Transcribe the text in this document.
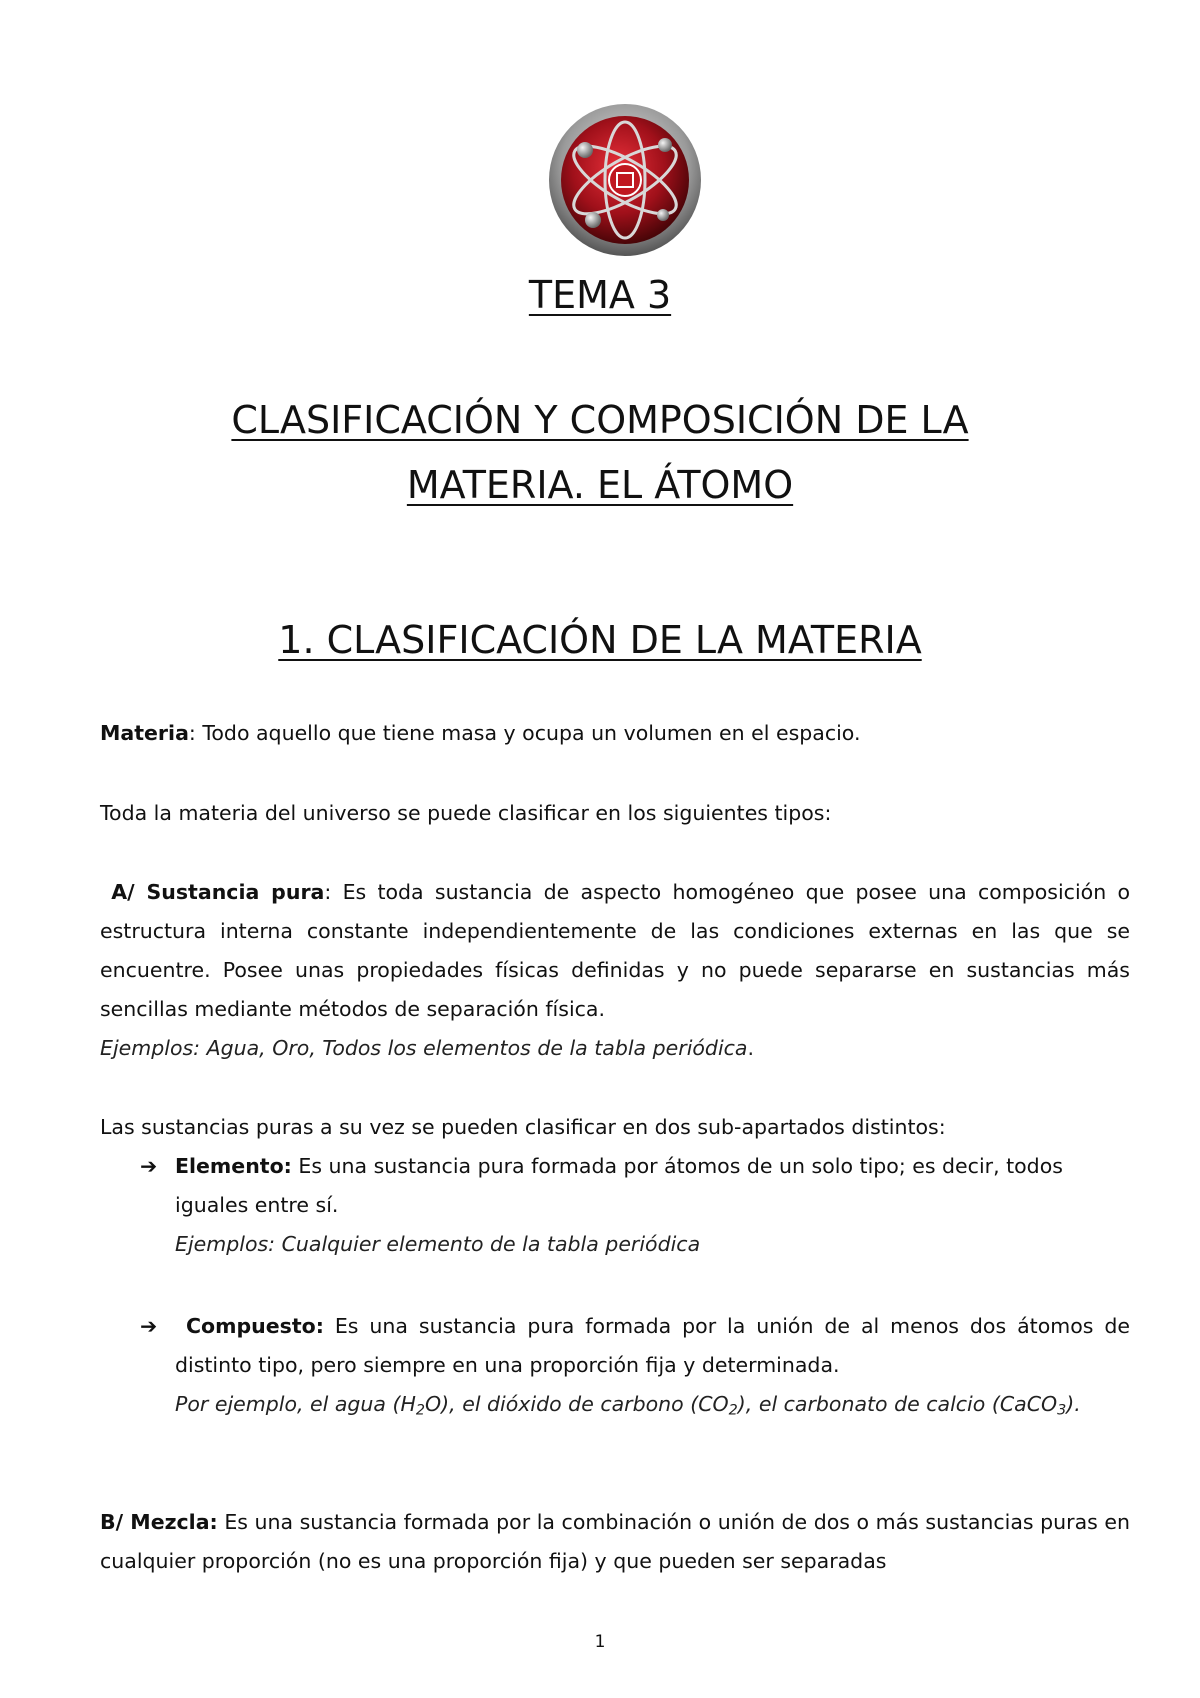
TEMA 3
CLASIFICACIÓN Y COMPOSICIÓN DE LA
MATERIA. EL ÁTOMO
1. CLASIFICACIÓN DE LA MATERIA

Materia: Todo aquello que tiene masa y ocupa un volumen en el espacio.

Toda la materia del universo se puede clasificar en los siguientes tipos:

A/ Sustancia pura: Es toda sustancia de aspecto homogéneo que posee una composición o estructura interna constante independientemente de las condiciones externas en las que se encuentre. Posee unas propiedades físicas definidas y no puede separarse en sustancias más sencillas mediante métodos de separación física.

Ejemplos: Agua, Oro, Todos los elementos de la tabla periódica.

Las sustancias puras a su vez se pueden clasificar en dos sub-apartados distintos:

➔ Elemento: Es una sustancia pura formada por átomos de un solo tipo; es decir, todos iguales entre sí.
Ejemplos: Cualquier elemento de la tabla periódica
➔	Compuesto: Es una sustancia pura formada por la unión de al menos dos átomos de distinto tipo, pero siempre en una proporción fija y determinada.
Por ejemplo, el agua $(H_2O)$, el dióxido de carbono $(CO_2)$, el carbonato de calcio (CaCO$_3$).

B/ Mezcla: Es una sustancia formada por la combinación o unión de dos o más sustancias puras en cualquier proporción (no es una proporción fija) y que pueden ser separadas

1
